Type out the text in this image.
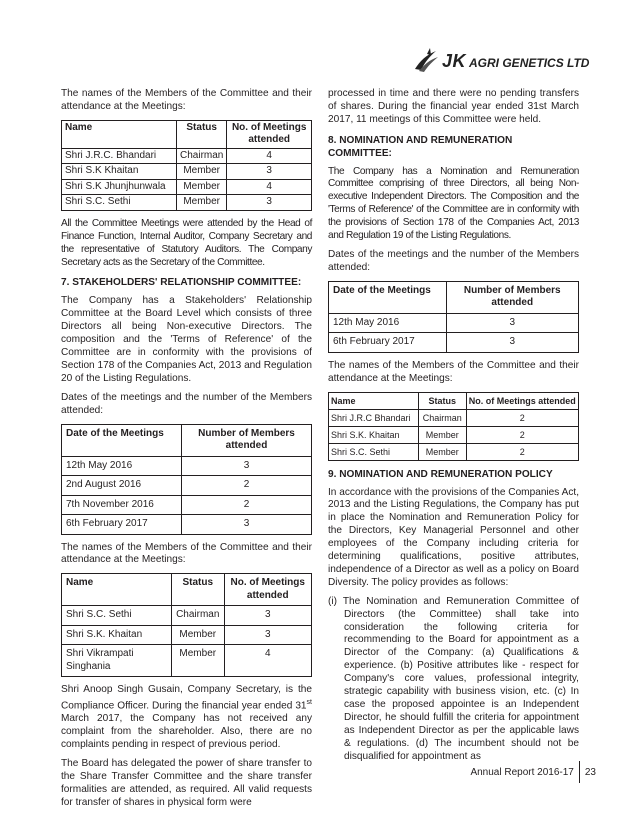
JK AGRI GENETICS LTD

The names of the Members of the Committee and their attendance at the Meetings:

Name	Status	No. of Meetings attended
Shri J.R.C. Bhandari	Chairman	4
Shri S.K Khaitan	Member	3
Shri S.K Jhunjhunwala	Member	4
Shri S.C. Sethi	Member	3

All the Committee Meetings were attended by the Head of Finance Function, Internal Auditor, Company Secretary and the representative of Statutory Auditors. The Company Secretary acts as the Secretary of the Committee.

7. STAKEHOLDERS' RELATIONSHIP COMMITTEE:

The Company has a Stakeholders' Relationship Committee at the Board Level which consists of three Directors all being Non-executive Directors. The composition and the 'Terms of Reference' of the Committee are in conformity with the provisions of Section 178 of the Companies Act, 2013 and Regulation 20 of the Listing Regulations.

Dates of the meetings and the number of the Members attended:

Date of the Meetings	Number of Members attended
12th May 2016	3
2nd August 2016	2
7th November 2016	2
6th February 2017	3

The names of the Members of the Committee and their attendance at the Meetings:

Name	Status	No. of Meetings attended
Shri S.C. Sethi	Chairman	3
Shri S.K. Khaitan	Member	3
Shri Vikrampati Singhania	Member	4

Shri Anoop Singh Gusain, Company Secretary, is the Compliance Officer. During the financial year ended 31st March 2017, the Company has not received any complaint from the shareholder. Also, there are no complaints pending in respect of previous period.

The Board has delegated the power of share transfer to the Share Transfer Committee and the share transfer formalities are attended, as required. All valid requests for transfer of shares in physical form were

processed in time and there were no pending transfers of shares. During the financial year ended 31st March 2017, 11 meetings of this Committee were held.

8. NOMINATION AND REMUNERATION COMMITTEE:

The Company has a Nomination and Remuneration Committee comprising of three Directors, all being Non-executive Independent Directors. The Composition and the 'Terms of Reference' of the Committee are in conformity with the provisions of Section 178 of the Companies Act, 2013 and Regulation 19 of the Listing Regulations.

Dates of the meetings and the number of the Members attended:

Date of the Meetings	Number of Members attended
12th May 2016	3
6th February 2017	3

The names of the Members of the Committee and their attendance at the Meetings:

Name	Status	No. of Meetings attended
Shri J.R.C Bhandari	Chairman	2
Shri S.K. Khaitan	Member	2
Shri S.C. Sethi	Member	2
9. NOMINATION AND REMUNERATION POLICY

In accordance with the provisions of the Companies Act, 2013 and the Listing Regulations, the Company has put in place the Nomination and Remuneration Policy for the Directors, Key Managerial Personnel and other employees of the Company including criteria for determining qualifications, positive attributes, independence of a Director as well as a policy on Board Diversity. The policy provides as follows:

(i) The Nomination and Remuneration Committee of Directors (the Committee) shall take into consideration the following criteria for recommending to the Board for appointment as a Director of the Company: (a) Qualifications & experience. (b) Positive attributes like - respect for Company's core values, professional integrity, strategic capability with business vision, etc. (c) In case the proposed appointee is an Independent Director, he should fulfill the criteria for appointment as Independent Director as per the applicable laws & regulations. (d) The incumbent should not be disqualified for appointment as

Annual Report 2016-17 23
